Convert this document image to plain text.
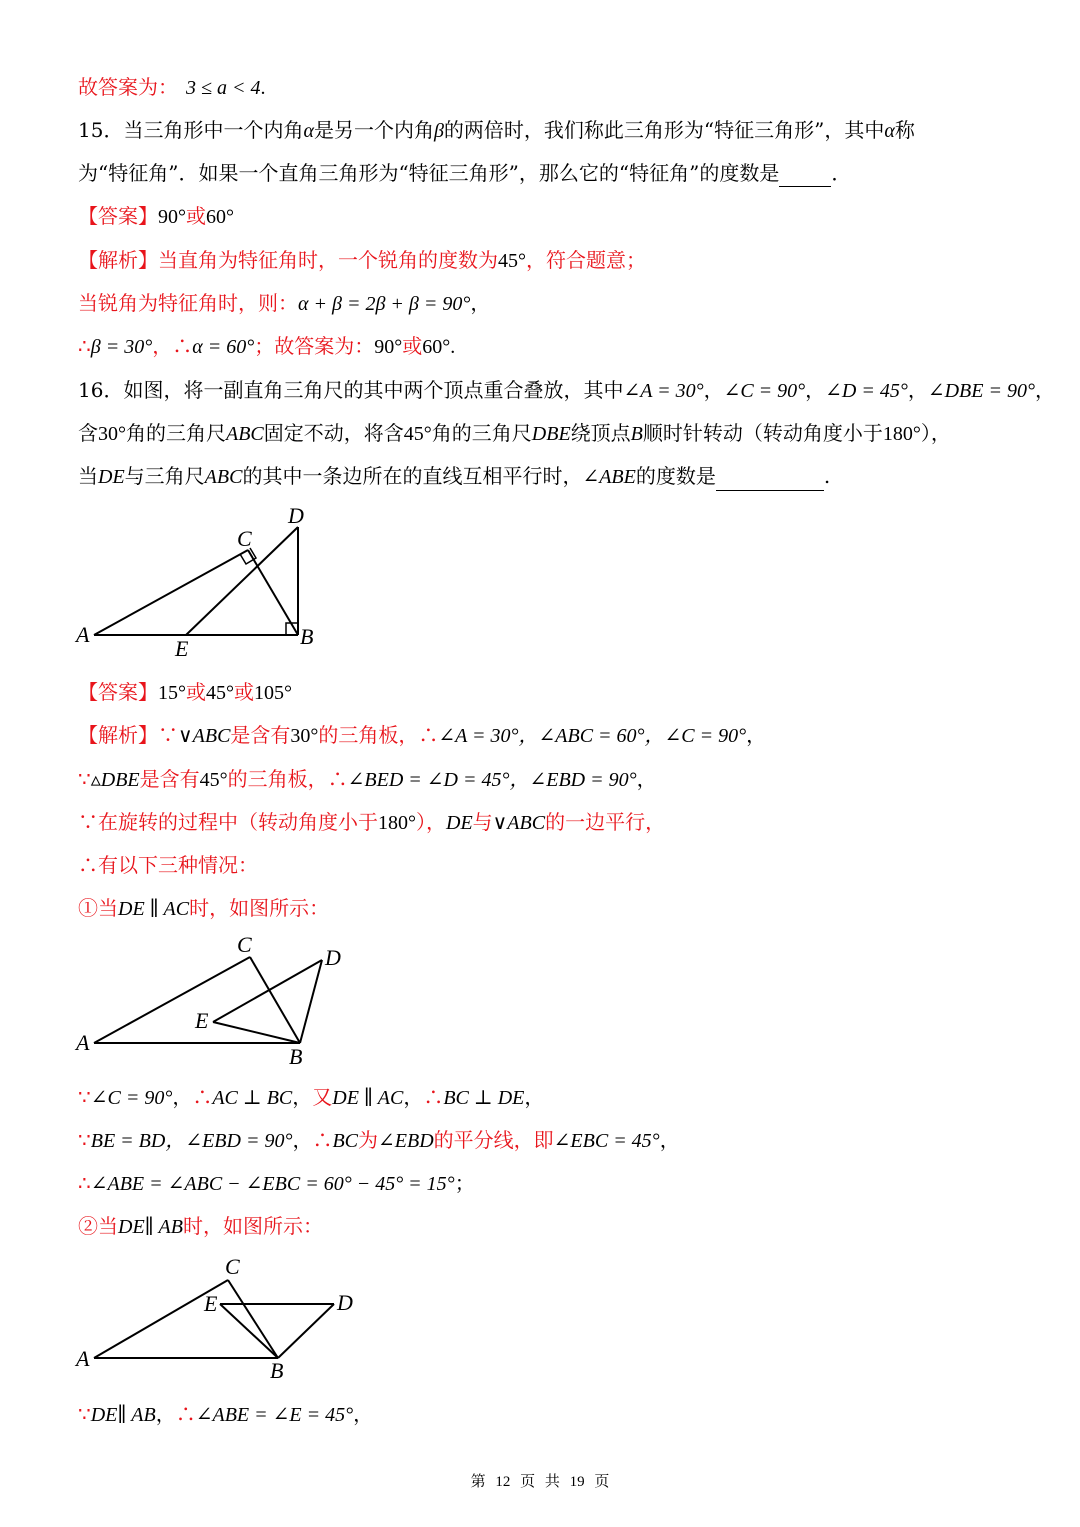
故答案为： 3 ≤ a < 4.
15．当三角形中一个内角α是另一个内角β的两倍时，我们称此三角形为“特征三角形”，其中α称
为“特征角”．如果一个直角三角形为“特征三角形”，那么它的“特征角”的度数是	．
【答案】90°或60°
【解析】当直角为特征角时，一个锐角的度数为45°，符合题意；
当锐角为特征角时，则：α + β = 2β + β = 90°，
∴β = 30°，∴α = 60°；故答案为：90°或60°.
16．如图，将一副直角三角尺的其中两个顶点重合叠放，其中∠A = 30°，∠C = 90°，∠D = 45°，∠DBE = 90°，
含30°角的三角尺ABC固定不动，将含45°角的三角尺DBE绕顶点B顺时针转动（转动角度小于180°），
当DE与三角尺ABC的其中一条边所在的直线互相平行时，∠ABE的度数是	.
A	B
C
D
E
【答案】15°或45°或105°
【解析】∵∨ABC是含有30°的三角板，∴∠A = 30°，∠ABC = 60°，∠C = 90°，
∵▵DBE是含有45°的三角板，∴∠BED = ∠D = 45°，∠EBD = 90°，
∵在旋转的过程中（转动角度小于180°），DE与∨ABC的一边平行，
∴有以下三种情况：
①当DE ∥ AC时，如图所示：
A
B
C
D
E
∵∠C = 90°，∴AC ⊥ BC，又DE ∥ AC，∴BC ⊥ DE，
∵BE = BD，∠EBD = 90°，∴BC为∠EBD的平分线，即∠EBC = 45°，
∴∠ABE = ∠ABC − ∠EBC = 60° − 45° = 15°；
②当DE∥ AB时，如图所示：
A	B
C
D
E
∵DE∥ AB，∴∠ABE = ∠E = 45°，
第 12 页 共 19 页
